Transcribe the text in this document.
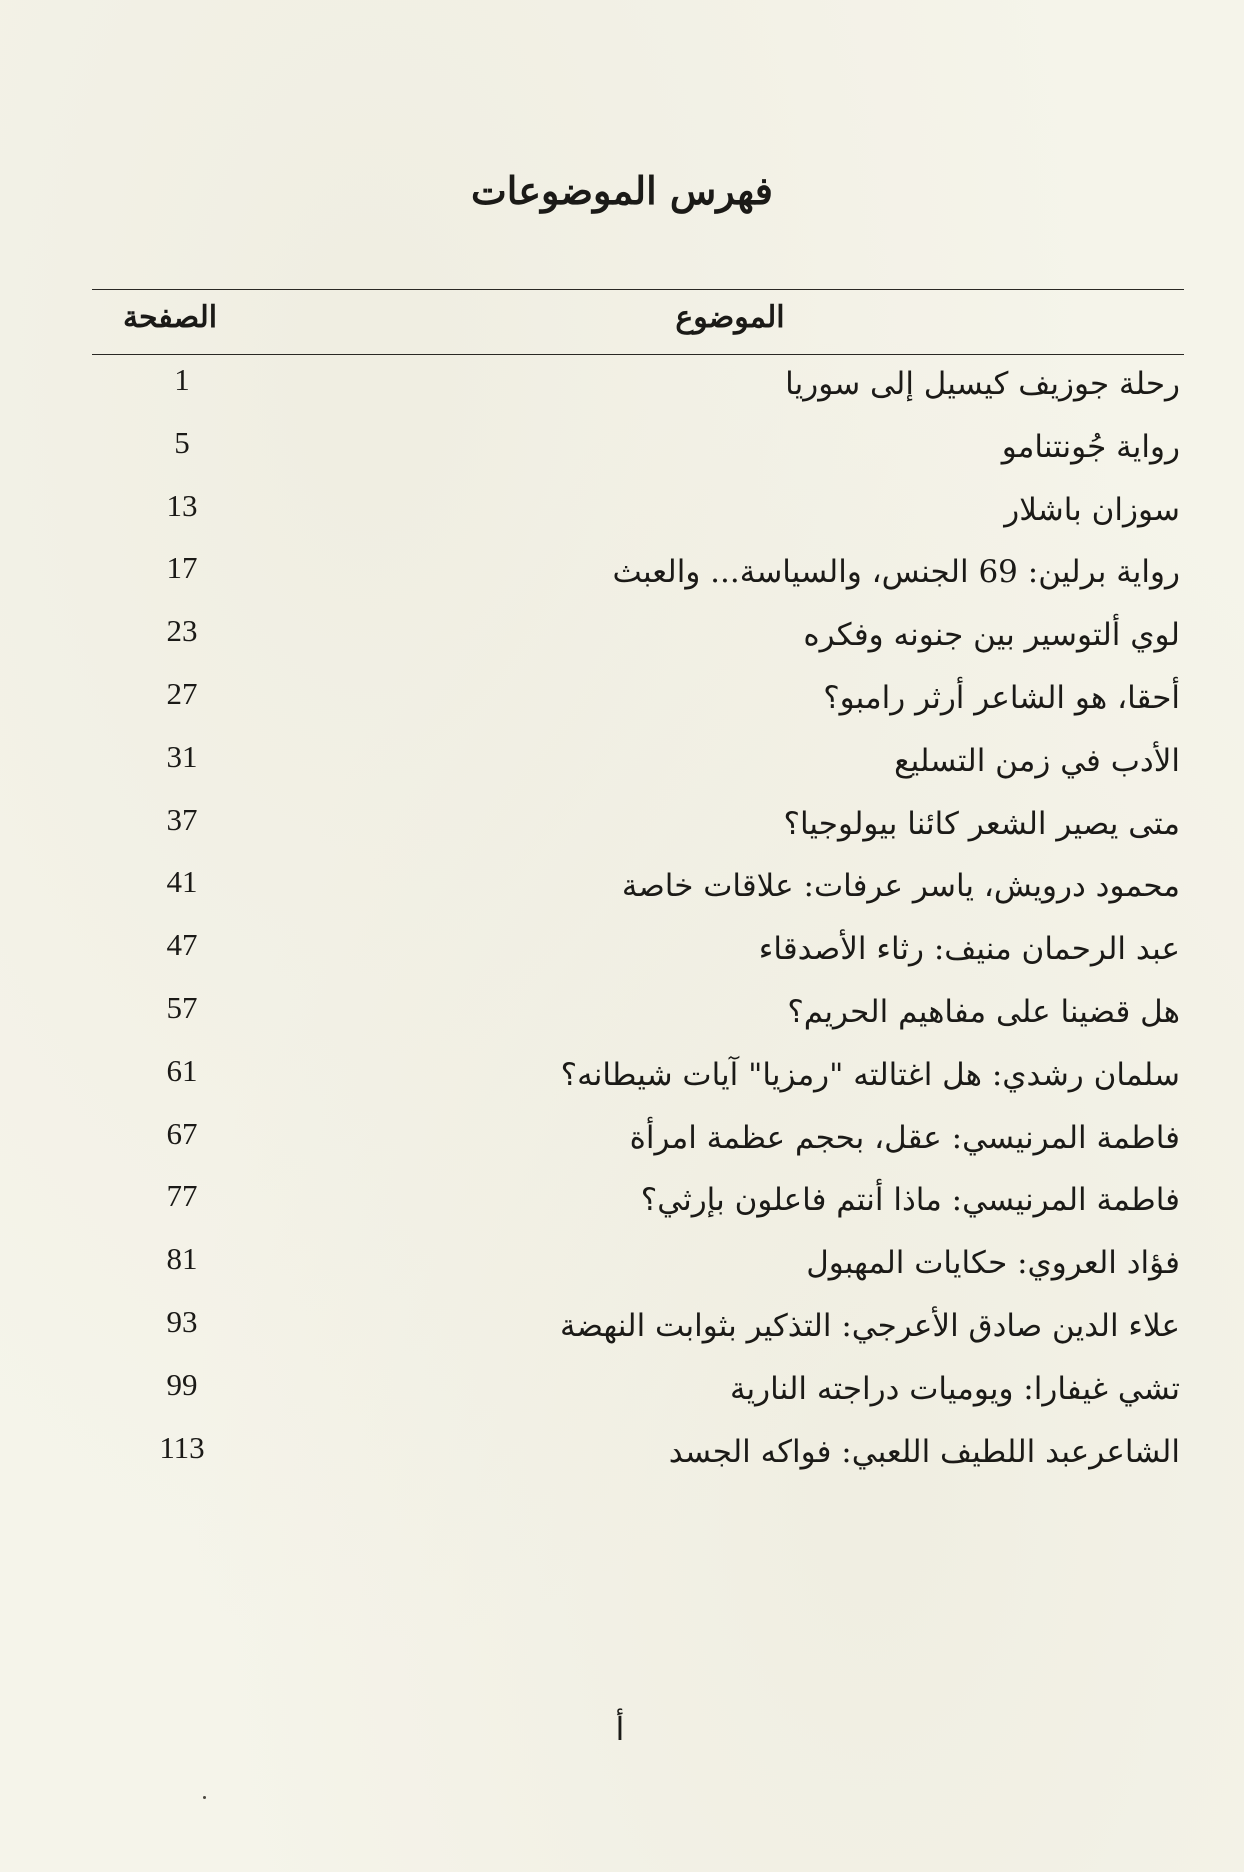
فهرس الموضوعات
الموضوع
الصفحة
رحلة جوزيف كيسيل إلى سوريا
1
رواية جُونتنامو
5
سوزان باشلار
13
رواية برلين: 69 الجنس، والسياسة... والعبث
17
لوي ألتوسير بين جنونه وفكره
23
أحقا، هو الشاعر أرثر رامبو؟
27
الأدب في زمن التسليع
31
متى يصير الشعر كائنا بيولوجيا؟
37
محمود درويش، ياسر عرفات: علاقات خاصة
41
عبد الرحمان منيف: رثاء الأصدقاء
47
هل قضينا على مفاهيم الحريم؟
57
سلمان رشدي: هل اغتالته "رمزيا" آيات شيطانه؟
61
فاطمة المرنيسي: عقل، بحجم عظمة امرأة
67
فاطمة المرنيسي: ماذا أنتم فاعلون بإرثي؟
77
فؤاد العروي: حكايات المهبول
81
علاء الدين صادق الأعرجي: التذكير بثوابت النهضة
93
تشي غيفارا: ويوميات دراجته النارية
99
الشاعرعبد اللطيف اللعبي: فواكه الجسد
113
أ
